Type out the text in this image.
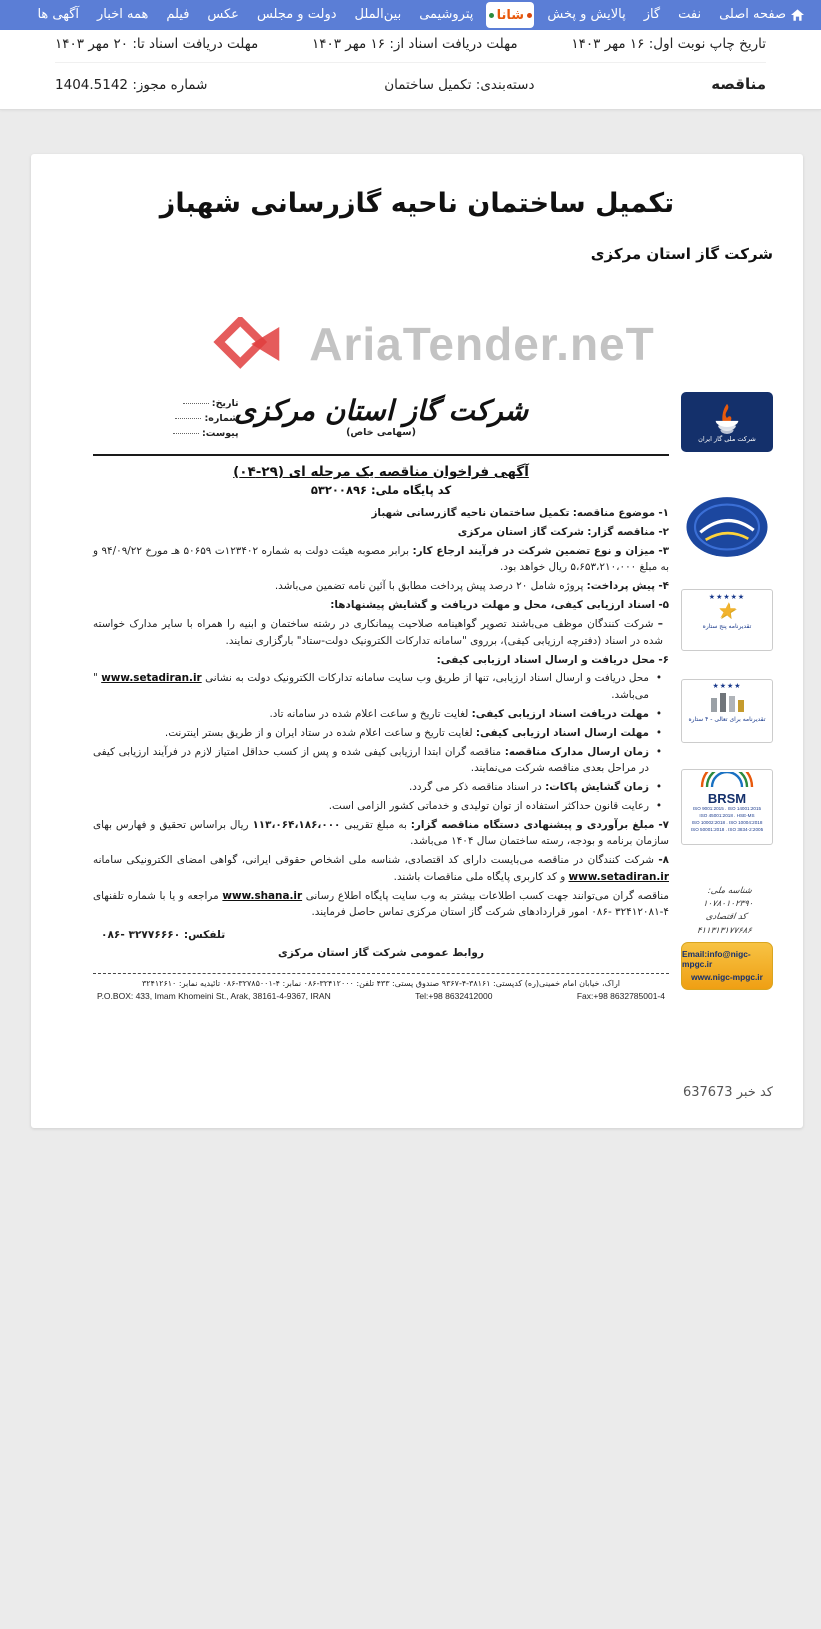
صفحه اصلی
نفت
گاز
پالایش و پخش
شانا
پتروشیمی
بین‌الملل
دولت و مجلس
عکس
فیلم
همه اخبار
آگهی ها
تاریخ چاپ نوبت اول: ۱۶ مهر ۱۴۰۳
مهلت دریافت اسناد از: ۱۶ مهر ۱۴۰۳
مهلت دریافت اسناد تا: ۲۰ مهر ۱۴۰۳
مناقصه
دسته‌بندی: تکمیل ساختمان
شماره مجوز: 1404.5142
تکمیل ساختمان ناحیه گازرسانی شهباز
شرکت گاز استان مرکزی
AriaTender.neT
شرکت ملی گاز ایران
★★★★★
★
تقدیرنامه پنج ستاره
★★★★
تقدیرنامه برای تعالی - ۴ ستاره
BRSM
ISO 9001:2015 . ISO 14001:2015
ISO 45001:2018 . HSE-MS
ISO 10002:2018 . ISO 10004:2018
ISO 50001:2018 . ISO 3834-2:2005
شناسه ملی: ۱۰۷۸۰۱۰۲۳۹۰
کد اقتصادی
۴۱۱۳۱۳۱۷۷۶۸۶
Email:info@nigc-mpgc.ir
www.nigc-mpgc.ir
تاریخ:
شماره:
پیوست:
شرکت گاز استان مرکزی
(سهامی خاص)
آگهی فراخوان مناقصه یک مرحله ای (۲۹-۰۴)
کد پایگاه ملی: ۵۳۲۰۰۸۹۶

۱- موضوع مناقصه: تکمیل ساختمان ناحیه گازرسانی شهباز

۲- مناقصه گزار: شرکت گاز استان مرکزی

۳- میزان و نوع تضمین شرکت در فرآیند ارجاع کار: برابر مصوبه هیئت دولت به شماره ۱۲۳۴۰۲ت ۵۰۶۵۹ هـ مورخ ۹۴/۰۹/۲۲ و به مبلغ ۵،۶۵۳،۲۱۰،۰۰۰ ریال خواهد بود.

۴- پیش پرداخت: پروژه شامل ۲۰ درصد پیش پرداخت مطابق با آئین نامه تضمین می‌باشد.

۵- اسناد ارزیابی کیفی، محل و مهلت دریافت و گشایش پیشنهادها:

– شرکت کنندگان موظف می‌باشند تصویر گواهینامه صلاحیت پیمانکاری در رشته ساختمان و ابنیه را همراه با سایر مدارک خواسته شده در اسناد (دفترچه ارزیابی کیفی)، برروی "سامانه تدارکات الکترونیک دولت-ستاد" بارگزاری نمایند.

۶- محل دریافت و ارسال اسناد ارزیابی کیفی:

•
محل دریافت و ارسال اسناد ارزیابی، تنها از طریق وب سایت سامانه تدارکات الکترونیک دولت به نشانی www.setadiran.ir " می‌باشد.

•
مهلت دریافت اسناد ارزیابی کیفی: لغایت تاریخ و ساعت اعلام شده در سامانه تاد.

•
مهلت ارسال اسناد ارزیابی کیفی: لغایت تاریخ و ساعت اعلام شده در ستاد ایران و از طریق بستر اینترنت.

•
زمان ارسال مدارک مناقصه: مناقصه گران ابتدا ارزیابی کیفی شده و پس از کسب حداقل امتیاز لازم در فرآیند ارزیابی کیفی در مراحل بعدی مناقصه شرکت می‌نمایند.

•
زمان گشایش پاکات: در اسناد مناقصه ذکر می گردد.

•
رعایت قانون حداکثر استفاده از توان تولیدی و خدماتی کشور الزامی است.

۷- مبلغ برآوردی و پیشنهادی دستگاه مناقصه گزار: به مبلغ تقریبی ۱۱۳،۰۶۴،۱۸۶،۰۰۰ ریال براساس تحقیق و فهارس بهای سازمان برنامه و بودجه، رسته ساختمان سال ۱۴۰۴ می‌باشد.

۸- شرکت کنندگان در مناقصه می‌بایست دارای کد اقتصادی، شناسه ملی اشخاص حقوقی ایرانی، گواهی امضای الکترونیکی سامانه www.setadiran.ir و کد کاربری پایگاه ملی مناقصات باشند.

مناقصه گران می‌توانند جهت کسب اطلاعات بیشتر به وب سایت پایگاه اطلاع رسانی www.shana.ir مراجعه و یا با شماره تلفنهای ۴-۳۲۴۱۲۰۸۱ -۰۸۶ امور قراردادهای شرکت گاز استان مرکزی تماس حاصل فرمایند.

تلفکس: ۳۲۷۷۶۶۶۰ -۰۸۶
روابط عمومی شرکت گاز استان مرکزی
اراک، خیابان امام خمینی(ره) کدپستی: ۳۸۱۶۱-۴-۹۳۶۷ صندوق پستی: ۴۳۳ تلفن: ۳۲۴۱۲۰۰۰-۰۸۶ نمابر: ۴-۳۲۷۸۵۰۰۱-۰۸۶ تائیدیه نمابر: ۳۲۴۱۲۶۱۰
P.O.BOX: 433, Imam Khomeini St., Arak, 38161-4-9367, IRAN	Tel:+98 8632412000	Fax:+98 8632785001-4
کد خبر 637673
